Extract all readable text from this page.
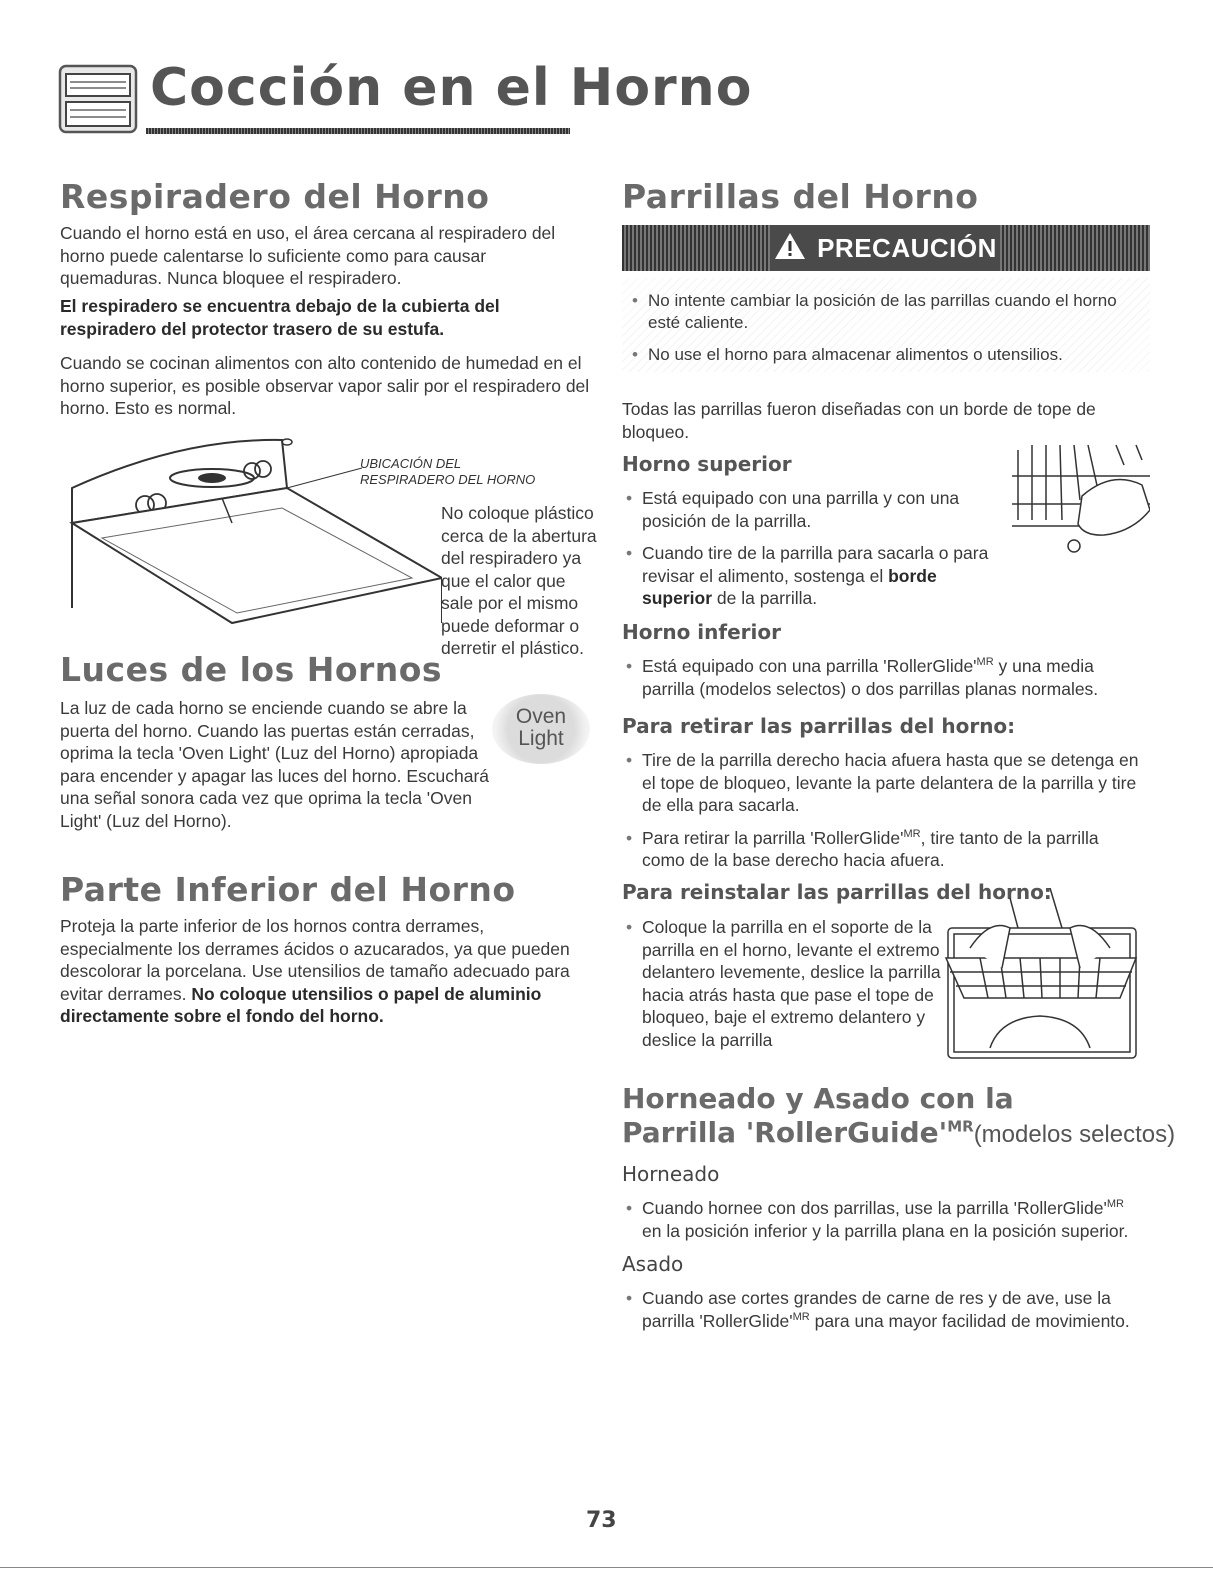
Cocción en el Horno
Respiradero del Horno

Cuando el horno está en uso, el área cercana al respiradero del horno puede calentarse lo suficiente como para causar quemaduras. Nunca bloquee el respiradero.

El respiradero se encuentra debajo de la cubierta del respiradero del protector trasero de su estufa.

Cuando se cocinan alimentos con alto contenido de humedad en el horno superior, es posible observar vapor salir por el respiradero del horno. Esto es normal.

UBICACIÓN DEL
RESPIRADERO DEL HORNO

No coloque plástico cerca de la abertura del respiradero ya que el calor que sale por el mismo puede deformar o derretir el plástico.

Luces de los Hornos

La luz de cada horno se enciende cuando se abre la puerta del horno. Cuando las puertas están cerradas, oprima la tecla 'Oven Light' (Luz del Horno) apropiada para encender y apagar las luces del horno. Escuchará una señal sonora cada vez que oprima la tecla 'Oven Light' (Luz del Horno).

Oven
Light
Parte Inferior del Horno

Proteja la parte inferior de los hornos contra derrames, especialmente los derrames ácidos o azucarados, ya que pueden descolorar la porcelana. Use utensilios de tamaño adecuado para evitar derrames. No coloque utensilios o papel de aluminio directamente sobre el fondo del horno.

Parrillas del Horno
PRECAUCIÓN
• No intente cambiar la posición de las parrillas cuando el horno esté caliente.
• No use el horno para almacenar alimentos o utensilios.

Todas las parrillas fueron diseñadas con un borde de tope de bloqueo.

Horno superior
• Está equipado con una parrilla y con una posición de la parrilla.
• Cuando tire de la parrilla para sacarla o para revisar el alimento, sostenga el borde superior de la parrilla.
Horno inferior
• Está equipado con una parrilla '$RollerGlide'^{MR}$ y una media parrilla (modelos selectos) o dos parrillas planas normales.
Para retirar las parrillas del horno:
• Tire de la parrilla derecho hacia afuera hasta que se detenga en el tope de bloqueo, levante la parte delantera de la parrilla y tire de ella para sacarla.
• Para retirar la parrilla '$RollerGlide'^{MR}$, tire tanto de la parrilla como de la base derecho hacia afuera.
Para reinstalar las parrillas del horno:
• Coloque la parrilla en el soporte de la parrilla en el horno, levante el extremo delantero levemente, deslice la parrilla hacia atrás hasta que pase el tope de bloqueo, baje el extremo delantero y deslice la parrilla
Horneado y Asado con la
Parrilla '$RollerGuide'^{MR}(modelos$ selectos)
Horneado
• Cuando hornee con dos parrillas, use la parrilla '$RollerGlide'^{MR}$ en la posición inferior y la parrilla plana en la posición superior.
Asado
• Cuando ase cortes grandes de carne de res y de ave, use la parrilla '$RollerGlide'^{MR}$ para una mayor facilidad de movimiento.
73
